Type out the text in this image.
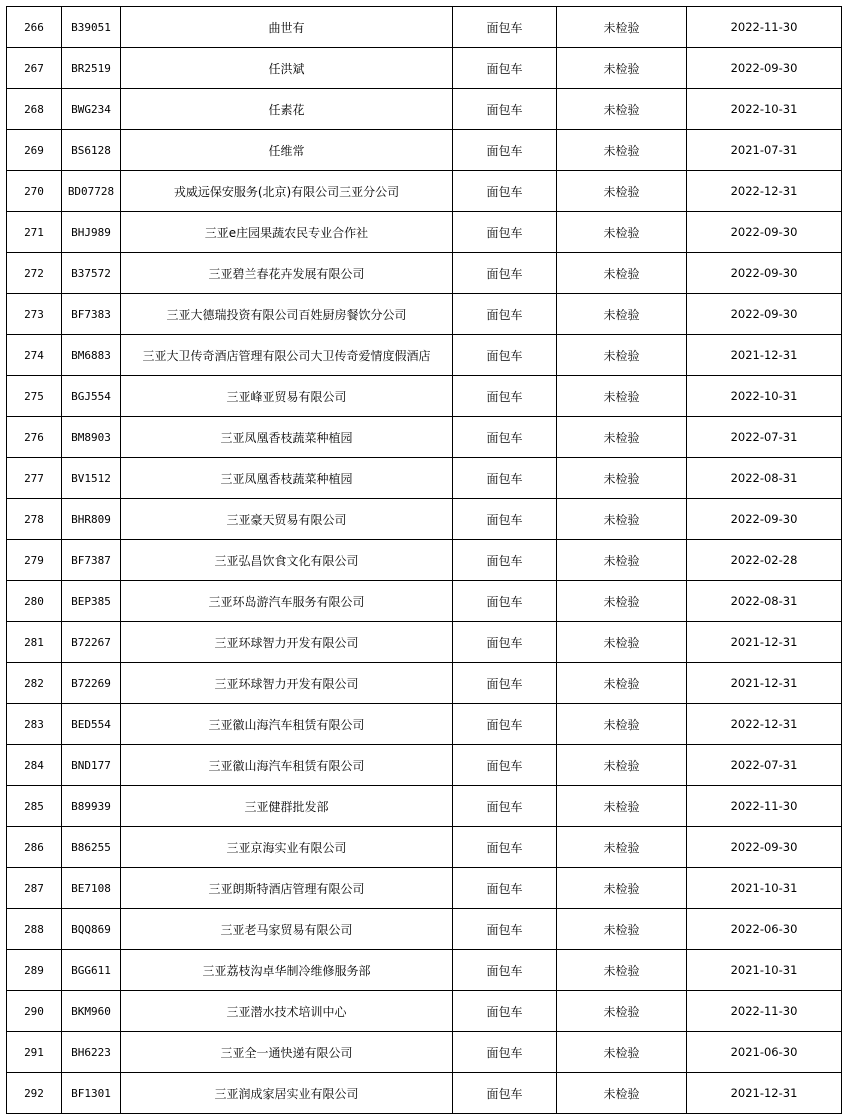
266	B39051	曲世有	面包车	未检验	2022-11-30
267	BR2519	任洪斌	面包车	未检验	2022-09-30
268	BWG234	任素花	面包车	未检验	2022-10-31
269	BS6128	任维常	面包车	未检验	2021-07-31
270	BD07728	戎威远保安服务(北京)有限公司三亚分公司	面包车	未检验	2022-12-31
271	BHJ989	三亚e庄园果蔬农民专业合作社	面包车	未检验	2022-09-30
272	B37572	三亚碧兰春花卉发展有限公司	面包车	未检验	2022-09-30
273	BF7383	三亚大德瑞投资有限公司百姓厨房餐饮分公司	面包车	未检验	2022-09-30
274	BM6883	三亚大卫传奇酒店管理有限公司大卫传奇爱情度假酒店	面包车	未检验	2021-12-31
275	BGJ554	三亚峰亚贸易有限公司	面包车	未检验	2022-10-31
276	BM8903	三亚凤凰香枝蔬菜种植园	面包车	未检验	2022-07-31
277	BV1512	三亚凤凰香枝蔬菜种植园	面包车	未检验	2022-08-31
278	BHR809	三亚豪天贸易有限公司	面包车	未检验	2022-09-30
279	BF7387	三亚弘昌饮食文化有限公司	面包车	未检验	2022-02-28
280	BEP385	三亚环岛游汽车服务有限公司	面包车	未检验	2022-08-31
281	B72267	三亚环球智力开发有限公司	面包车	未检验	2021-12-31
282	B72269	三亚环球智力开发有限公司	面包车	未检验	2021-12-31
283	BED554	三亚徽山海汽车租赁有限公司	面包车	未检验	2022-12-31
284	BND177	三亚徽山海汽车租赁有限公司	面包车	未检验	2022-07-31
285	B89939	三亚健群批发部	面包车	未检验	2022-11-30
286	B86255	三亚京海实业有限公司	面包车	未检验	2022-09-30
287	BE7108	三亚朗斯特酒店管理有限公司	面包车	未检验	2021-10-31
288	BQQ869	三亚老马家贸易有限公司	面包车	未检验	2022-06-30
289	BGG611	三亚荔枝沟卓华制冷维修服务部	面包车	未检验	2021-10-31
290	BKM960	三亚潜水技术培训中心	面包车	未检验	2022-11-30
291	BH6223	三亚全一通快递有限公司	面包车	未检验	2021-06-30
292	BF1301	三亚润成家居实业有限公司	面包车	未检验	2021-12-31
